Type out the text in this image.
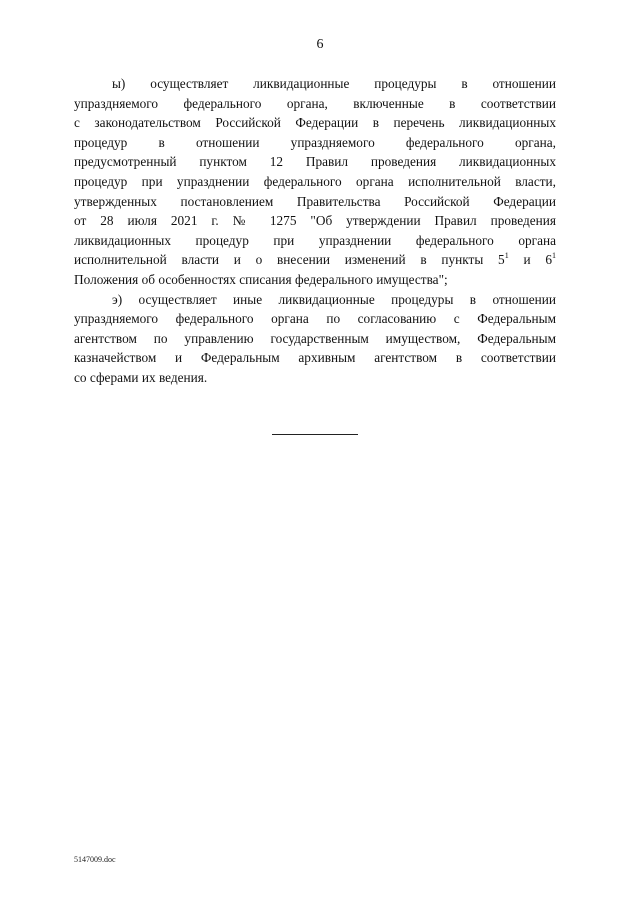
6
ы) осуществляет ликвидационные процедуры в отношении
упраздняемого федерального органа, включенные в соответствии
с законодательством Российской Федерации в перечень ликвидационных
процедур в отношении упраздняемого федерального органа,
предусмотренный пунктом 12 Правил проведения ликвидационных
процедур при упразднении федерального органа исполнительной власти,
утвержденных постановлением Правительства Российской Федерации
от 28 июля 2021 г. № 1275 "Об утверждении Правил проведения
ликвидационных процедур при упразднении федерального органа
исполнительной власти и о внесении изменений в пункты $5^1$ и $6^1$
Положения об особенностях списания федерального имущества";
э) осуществляет иные ликвидационные процедуры в отношении
упраздняемого федерального органа по согласованию с Федеральным
агентством по управлению государственным имуществом, Федеральным
казначейством и Федеральным архивным агентством в соответствии
со сферами их ведения.
5147009.doc
